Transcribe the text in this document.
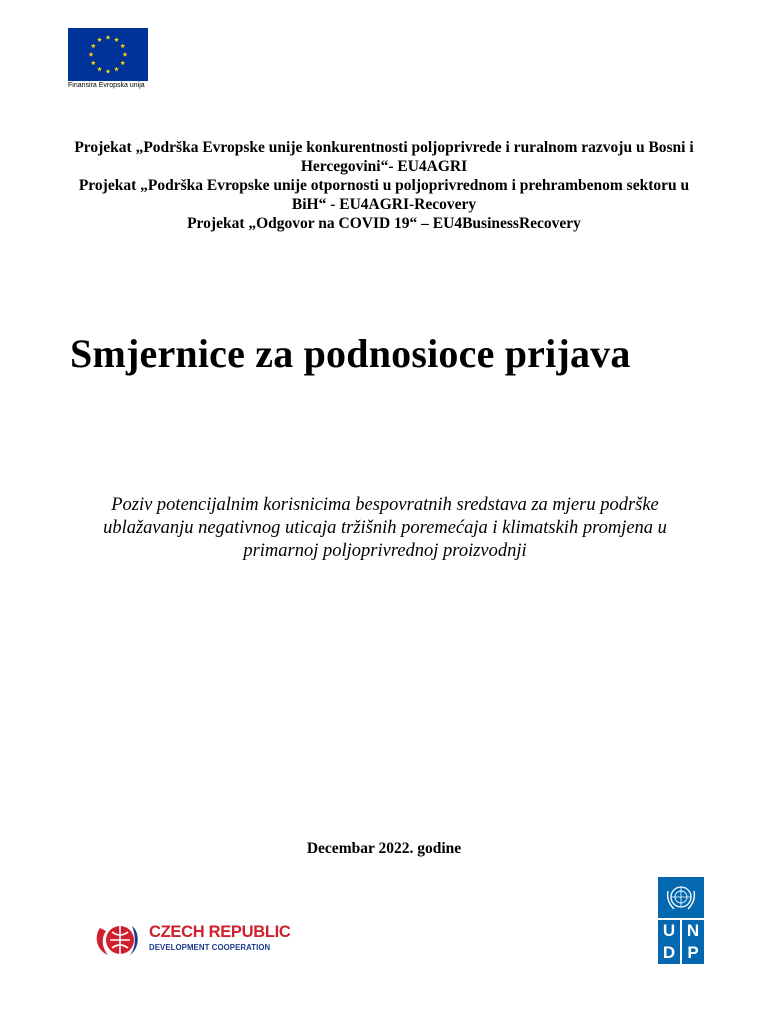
Finansira Evropska unija

Projekat „Podrška Evropske unije konkurentnosti poljoprivrede i ruralnom razvoju u Bosni i Hercegovini“- EU4AGRI

Projekat „Podrška Evropske unije otpornosti u poljoprivrednom i prehrambenom sektoru u BiH“ - EU4AGRI-Recovery

Projekat „Odgovor na COVID 19“ – EU4BusinessRecovery

Smjernice za podnosioce prijava

Poziv potencijalnim korisnicima bespovratnih sredstava za mjeru podrške ublažavanju negativnog uticaja tržišnih poremećaja i klimatskih promjena u primarnoj poljoprivrednoj proizvodnji

Decembar 2022. godine
CZECH REPUBLIC
DEVELOPMENT COOPERATION
U N
D P
